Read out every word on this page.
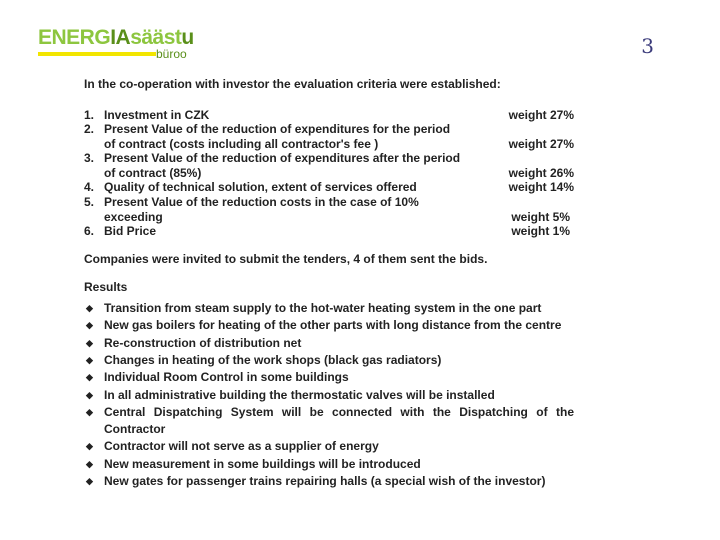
ENERGIAsäästu
büroo	3
In the co-operation with investor the evaluation criteria were established:
1. Investment in CZK	weight 27%
2. Present Value of the reduction of expenditures for the period
of contract (costs including all contractor's fee )	weight 27%
3. Present Value of the reduction of expenditures after the period
of contract (85%)	weight 26%
4. Quality of technical solution, extent of services offered	weight 14%
5. Present Value of the reduction costs in the case of 10%
exceeding	weight 5%
6. Bid Price	weight 1%
Companies were invited to submit the tenders, 4 of them sent the bids.
Results
◆ Transition from steam supply to the hot-water heating system in the one part
◆ New gas boilers for heating of the other parts with long distance from the centre
◆ Re-construction of distribution net
◆ Changes in heating of the work shops (black gas radiators)
◆ Individual Room Control in some buildings
◆ In all administrative building the thermostatic valves will be installed
◆ Central Dispatching System will be connected with the Dispatching of the
Contractor
◆ Contractor will not serve as a supplier of energy
◆ New measurement in some buildings will be introduced
◆ New gates for passenger trains repairing halls (a special wish of the investor)
